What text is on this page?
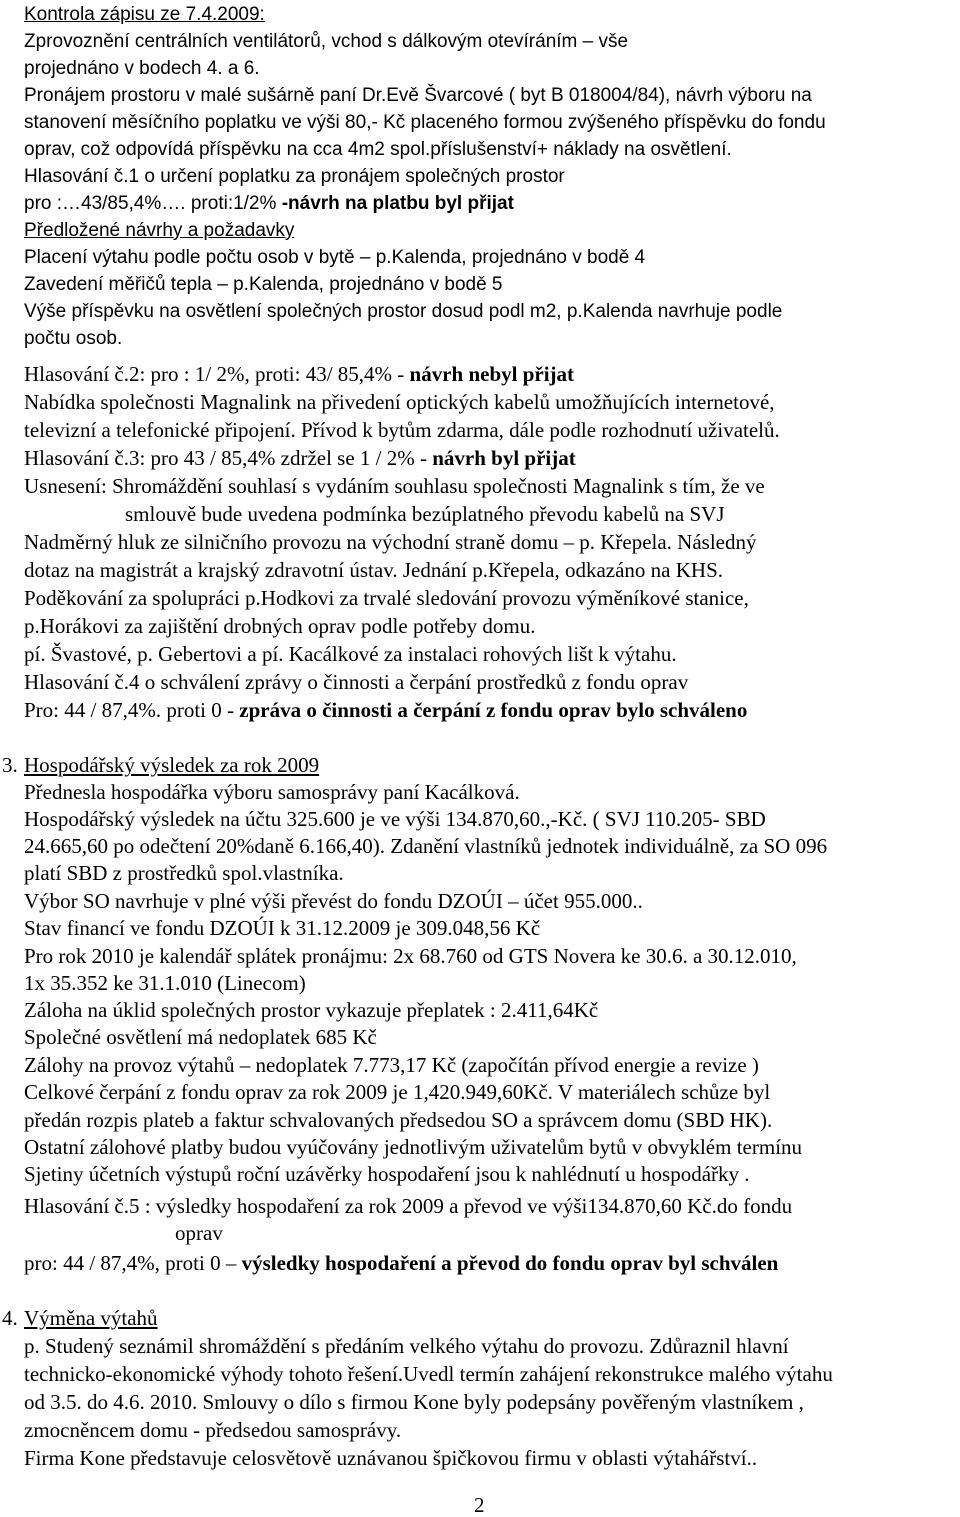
Kontrola zápisu ze 7.4.2009:
Zprovoznění centrálních ventilátorů, vchod s dálkovým otevíráním – vše
projednáno v bodech 4. a 6.
Pronájem prostoru v malé sušárně paní Dr.Evě Švarcové ( byt B 018004/84), návrh výboru na
stanovení měsíčního poplatku ve výši 80,- Kč placeného formou zvýšeného příspěvku do fondu
oprav, což odpovídá příspěvku na cca 4m2 spol.příslušenství+ náklady na osvětlení.
Hlasování č.1 o určení poplatku za pronájem společných prostor
pro :…43/85,4%…. proti:1/2% -návrh na platbu byl přijat
Předložené návrhy a požadavky
Placení výtahu podle počtu osob v bytě – p.Kalenda, projednáno v bodě 4
Zavedení měřičů tepla – p.Kalenda, projednáno v bodě 5
Výše příspěvku na osvětlení společných prostor dosud podl m2, p.Kalenda navrhuje podle
počtu osob.
Hlasování č.2: pro : 1/ 2%, proti: 43/ 85,4% - návrh nebyl přijat
Nabídka společnosti Magnalink na přivedení optických kabelů umožňujících internetové,
televizní a telefonické připojení. Přívod k bytům zdarma, dále podle rozhodnutí uživatelů.
Hlasování č.3: pro 43 / 85,4% zdržel se 1 / 2% - návrh byl přijat
Usnesení: Shromáždění souhlasí s vydáním souhlasu společnosti Magnalink s tím, že ve
smlouvě bude uvedena podmínka bezúplatného převodu kabelů na SVJ
Nadměrný hluk ze silničního provozu na východní straně domu – p. Křepela. Následný
dotaz na magistrát a krajský zdravotní ústav. Jednání p.Křepela, odkazáno na KHS.
Poděkování za spolupráci p.Hodkovi za trvalé sledování provozu výměníkové stanice,
p.Horákovi za zajištění drobných oprav podle potřeby domu.
pí. Švastové, p. Gebertovi a pí. Kacálkové za instalaci rohových lišt k výtahu.
Hlasování č.4 o schválení zprávy o činnosti a čerpání prostředků z fondu oprav
Pro: 44 / 87,4%. proti 0 - zpráva o činnosti a čerpání z fondu oprav bylo schváleno
3. Hospodářský výsledek za rok 2009
Přednesla hospodářka výboru samosprávy paní Kacálková.
Hospodářský výsledek na účtu 325.600 je ve výši 134.870,60.,-Kč. ( SVJ 110.205- SBD
24.665,60 po odečtení 20%daně 6.166,40). Zdanění vlastníků jednotek individuálně, za SO 096
platí SBD z prostředků spol.vlastníka.
Výbor SO navrhuje v plné výši převést do fondu DZOÚI – účet 955.000..
Stav financí ve fondu DZOÚI k 31.12.2009 je 309.048,56 Kč
Pro rok 2010 je kalendář splátek pronájmu: 2x 68.760 od GTS Novera ke 30.6. a 30.12.010,
1x 35.352 ke 31.1.010 (Linecom)
Záloha na úklid společných prostor vykazuje přeplatek : 2.411,64Kč
Společné osvětlení má nedoplatek 685 Kč
Zálohy na provoz výtahů – nedoplatek 7.773,17 Kč (započítán přívod energie a revize )
Celkové čerpání z fondu oprav za rok 2009 je 1,420.949,60Kč. V materiálech schůze byl
předán rozpis plateb a faktur schvalovaných předsedou SO a správcem domu (SBD HK).
Ostatní zálohové platby budou vyúčovány jednotlivým uživatelům bytů v obvyklém termínu
Sjetiny účetních výstupů roční uzávěrky hospodaření jsou k nahlédnutí u hospodářky .
Hlasování č.5 : výsledky hospodaření za rok 2009 a převod ve výši134.870,60 Kč.do fondu
oprav
pro: 44 / 87,4%, proti 0 – výsledky hospodaření a převod do fondu oprav byl schválen
4. Výměna výtahů
p. Studený seznámil shromáždění s předáním velkého výtahu do provozu. Zdůraznil hlavní
technicko-ekonomické výhody tohoto řešení.Uvedl termín zahájení rekonstrukce malého výtahu
od 3.5. do 4.6. 2010. Smlouvy o dílo s firmou Kone byly podepsány pověřeným vlastníkem ,
zmocněncem domu - předsedou samosprávy.
Firma Kone představuje celosvětově uznávanou špičkovou firmu v oblasti výtahářství..
2
